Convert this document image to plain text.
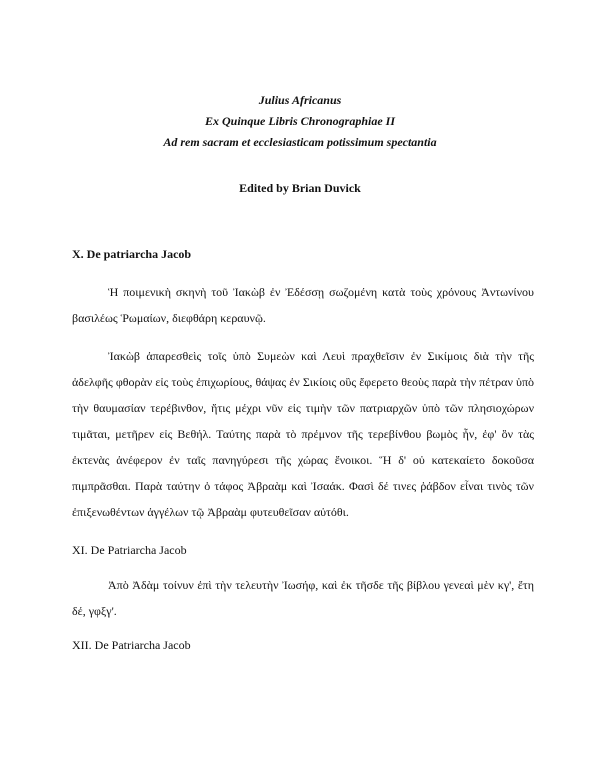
Julius Africanus
Ex Quinque Libris Chronographiae II
Ad rem sacram et ecclesiasticam potissimum spectantia
Edited by Brian Duvick
X. De patriarcha Jacob
Ἡ ποιμενικὴ σκηνὴ τοῦ Ἰακὼβ ἐν Ἐδέσσῃ σωζομένη κατὰ τοὺς χρόνους Ἀντωνίνου βασιλέως Ῥωμαίων, διεφθάρη κεραυνῷ.
Ἰακὼβ ἀπαρεσθεὶς τοῖς ὑπὸ Συμεὼν καὶ Λευὶ πραχθεῖσιν ἐν Σικίμοις διὰ τὴν τῆς ἀδελφῆς φθορὰν εἰς τοὺς ἐπιχωρίους, θάψας ἐν Σικίοις οὓς ἔφερετο θεοὺς παρὰ τὴν πέτραν ὑπὸ τὴν θαυμασίαν τερέβινθον, ἥτις μέχρι νῦν εἰς τιμὴν τῶν πατριαρχῶν ὑπὸ τῶν πλησιοχώρων τιμᾶται, μετῆρεν εἰς Βεθήλ. Ταύτης παρὰ τὸ πρέμνον τῆς τερεβίνθου βωμὸς ἦν, ἐφ' ὃν τὰς ἐκτενὰς ἀνέφερον ἐν ταῖς πανηγύρεσι τῆς χώρας ἔνοικοι. Ἥ δ' οὐ κατεκαίετο δοκοῦσα πιμπρᾶσθαι. Παρὰ ταύτην ὁ τάφος Ἀβραὰμ καὶ Ἰσαάκ. Φασὶ δέ τινες ῥάβδον εἶναι τινὸς τῶν ἐπιξενωθέντων ἀγγέλων τῷ Ἀβραὰμ φυτευθεῖσαν αὐτόθι.
XI. De Patriarcha Jacob
Ἀπὸ Ἀδὰμ τοίνυν ἐπὶ τὴν τελευτὴν Ἰωσήφ, καὶ ἐκ τῆσδε τῆς βίβλου γενεαὶ μὲν κγ', ἔτη δέ, γφξγ'.
XII. De Patriarcha Jacob
